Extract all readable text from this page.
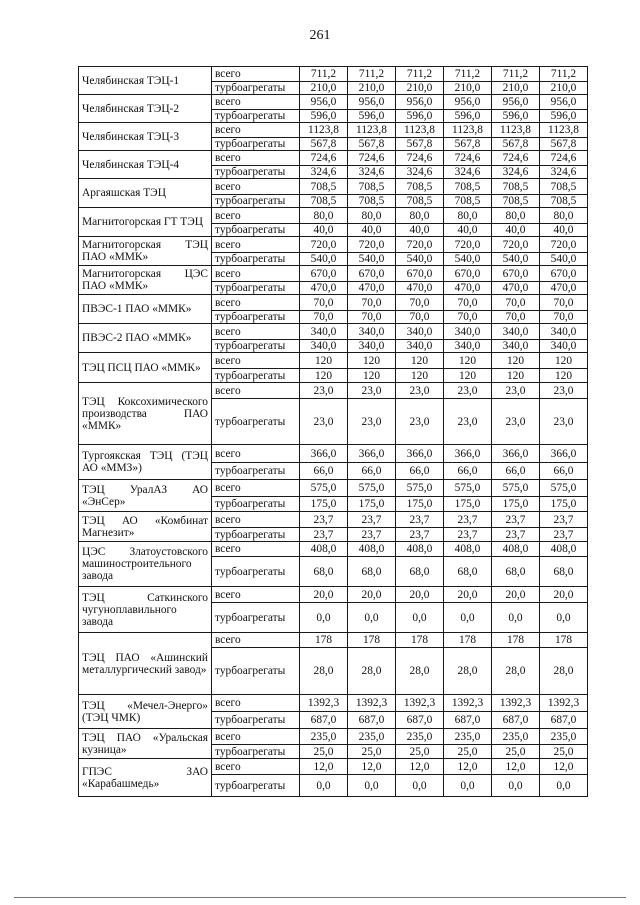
261
Челябинская ТЭЦ-1	всего	711,2	711,2	711,2	711,2	711,2	711,2
	турбоагрегаты	210,0	210,0	210,0	210,0	210,0	210,0
Челябинская ТЭЦ-2	всего	956,0	956,0	956,0	956,0	956,0	956,0
	турбоагрегаты	596,0	596,0	596,0	596,0	596,0	596,0
Челябинская ТЭЦ-3	всего	1123,8	1123,8	1123,8	1123,8	1123,8	1123,8
	турбоагрегаты	567,8	567,8	567,8	567,8	567,8	567,8
Челябинская ТЭЦ-4	всего	724,6	724,6	724,6	724,6	724,6	724,6
	турбоагрегаты	324,6	324,6	324,6	324,6	324,6	324,6
Аргаяшская ТЭЦ	всего	708,5	708,5	708,5	708,5	708,5	708,5
	турбоагрегаты	708,5	708,5	708,5	708,5	708,5	708,5
Магнитогорская ГТ ТЭЦ	всего	80,0	80,0	80,0	80,0	80,0	80,0
	турбоагрегаты	40,0	40,0	40,0	40,0	40,0	40,0
Магнитогорская ТЭЦ ПАО «ММК»	всего	720,0	720,0	720,0	720,0	720,0	720,0
	турбоагрегаты	540,0	540,0	540,0	540,0	540,0	540,0
Магнитогорская ЦЭС ПАО «ММК»	всего	670,0	670,0	670,0	670,0	670,0	670,0
	турбоагрегаты	470,0	470,0	470,0	470,0	470,0	470,0
ПВЭС-1 ПАО «ММК»	всего	70,0	70,0	70,0	70,0	70,0	70,0
	турбоагрегаты	70,0	70,0	70,0	70,0	70,0	70,0
ПВЭС-2 ПАО «ММК»	всего	340,0	340,0	340,0	340,0	340,0	340,0
	турбоагрегаты	340,0	340,0	340,0	340,0	340,0	340,0
ТЭЦ ПСЦ ПАО «ММК»	всего	120	120	120	120	120	120
	турбоагрегаты	120	120	120	120	120	120
ТЭЦ Коксохимического производства ПАО «ММК»	всего	23,0	23,0	23,0	23,0	23,0	23,0
	турбоагрегаты	23,0	23,0	23,0	23,0	23,0	23,0
Тургоякская ТЭЦ (ТЭЦ АО «ММЗ»)	всего	366,0	366,0	366,0	366,0	366,0	366,0
	турбоагрегаты	66,0	66,0	66,0	66,0	66,0	66,0
ТЭЦ УралАЗ АО «ЭнСер»	всего	575,0	575,0	575,0	575,0	575,0	575,0
	турбоагрегаты	175,0	175,0	175,0	175,0	175,0	175,0
ТЭЦ АО «Комбинат Магнезит»	всего	23,7	23,7	23,7	23,7	23,7	23,7
	турбоагрегаты	23,7	23,7	23,7	23,7	23,7	23,7
ЦЭС Златоустовского машиностроительного завода	всего	408,0	408,0	408,0	408,0	408,0	408,0
	турбоагрегаты	68,0	68,0	68,0	68,0	68,0	68,0
ТЭЦ Саткинского чугуноплавильного завода	всего	20,0	20,0	20,0	20,0	20,0	20,0
	турбоагрегаты	0,0	0,0	0,0	0,0	0,0	0,0
ТЭЦ ПАО «Ашинский металлургический завод»	всего	178	178	178	178	178	178
	турбоагрегаты	28,0	28,0	28,0	28,0	28,0	28,0
ТЭЦ «Мечел-Энерго» (ТЭЦ ЧМК)	всего	1392,3	1392,3	1392,3	1392,3	1392,3	1392,3
	турбоагрегаты	687,0	687,0	687,0	687,0	687,0	687,0
ТЭЦ ПАО «Уральская кузница»	всего	235,0	235,0	235,0	235,0	235,0	235,0
	турбоагрегаты	25,0	25,0	25,0	25,0	25,0	25,0
ГПЭС ЗАО «Карабашмедь»	всего	12,0	12,0	12,0	12,0	12,0	12,0
	турбоагрегаты	0,0	0,0	0,0	0,0	0,0	0,0
